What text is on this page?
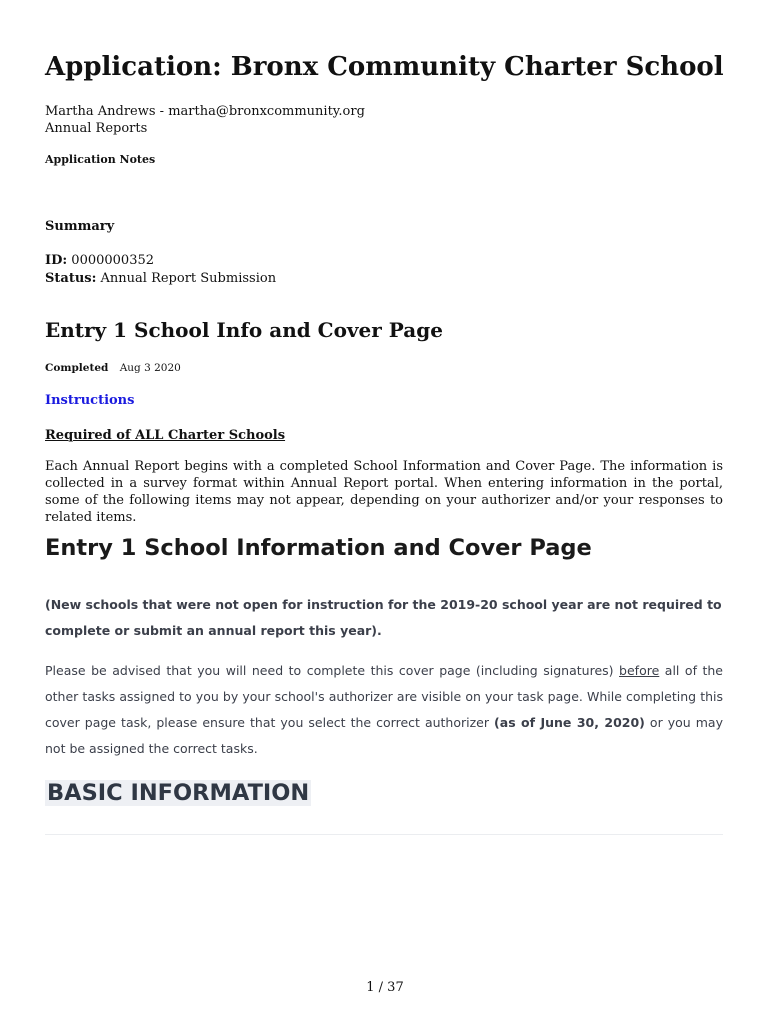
Application: Bronx Community Charter School
Martha Andrews - martha@bronxcommunity.org
Annual Reports
Application Notes
Summary
ID: 0000000352
Status: Annual Report Submission
Entry 1 School Info and Cover Page
Completed Aug 3 2020
Instructions
Required of ALL Charter Schools
Each Annual Report begins with a completed School Information and Cover Page. The information is collected in a survey format within Annual Report portal. When entering information in the portal, some of the following items may not appear, depending on your authorizer and/or your responses to related items.
Entry 1 School Information and Cover Page
(New schools that were not open for instruction for the 2019-20 school year are not required to complete or submit an annual report this year).
Please be advised that you will need to complete this cover page (including signatures) before all of the other tasks assigned to you by your school's authorizer are visible on your task page. While completing this cover page task, please ensure that you select the correct authorizer (as of June 30, 2020) or you may not be assigned the correct tasks.
BASIC INFORMATION
1 / 37
